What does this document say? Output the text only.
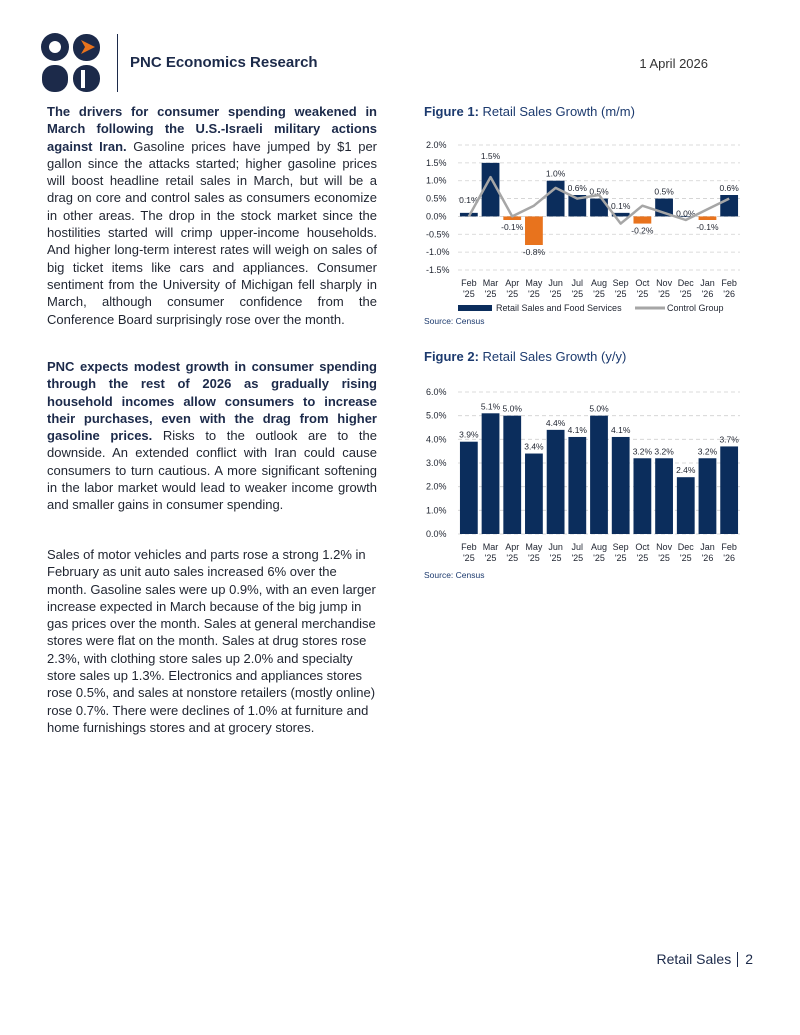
PNC Economics Research	1 April 2026
The drivers for consumer spending weakened in March following the U.S.-Israeli military actions against Iran. Gasoline prices have jumped by $1 per gallon since the attacks started; higher gasoline prices will boost headline retail sales in March, but will be a drag on core and control sales as consumers economize in other areas. The drop in the stock market since the hostilities started will crimp upper-income households. And higher long-term interest rates will weigh on sales of big ticket items like cars and appliances. Consumer sentiment from the University of Michigan fell sharply in March, although consumer confidence from the Conference Board surprisingly rose over the month.
PNC expects modest growth in consumer spending through the rest of 2026 as gradually rising household incomes allow consumers to increase their purchases, even with the drag from higher gasoline prices. Risks to the outlook are to the downside. An extended conflict with Iran could cause consumers to turn cautious. A more significant softening in the labor market would lead to weaker income growth and smaller gains in consumer spending.
Sales of motor vehicles and parts rose a strong 1.2% in February as unit auto sales increased 6% over the month. Gasoline sales were up 0.9%, with an even larger increase expected in March because of the big jump in gas prices over the month. Sales at general merchandise stores were flat on the month. Sales at drug stores rose 2.3%, with clothing store sales up 2.0% and specialty store sales up 1.3%. Electronics and appliances stores rose 0.5%, and sales at nonstore retailers (mostly online) rose 0.7%. There were declines of 1.0% at furniture and home furnishings stores and at grocery stores.
Figure 1: Retail Sales Growth (m/m)
2.0%
1.5%
1.0%
0.5%
0.0%
-0.5%
-1.0%
-1.5%
0.1%
1.5%
-0.1%
-0.8%
1.0%
0.6% 0.5%
0.1%
-0.2%
0.5%
0.0%
-0.1%
0.6%
Feb '25
Mar '25
Apr '25
May '25
Jun '25
Jul '25
Aug '25
Sep '25
Oct '25
Nov '25
Dec '25
Jan '26
Feb '26
Retail Sales and Food Services	Control Group
Source: Census
Figure 2: Retail Sales Growth (y/y)
6.0%
5.0%
4.0%
3.0%
2.0%
1.0%
0.0%
3.9%
5.1% 5.0%
3.4%
4.4%
4.1%
5.0%
4.1%
3.2% 3.2%
2.4%
3.2%
3.7%
Feb '25
Mar '25
Apr '25
May '25
Jun '25
Jul '25
Aug '25
Sep '25
Oct '25
Nov '25
Dec '25
Jan '26
Feb '26
Source: Census
Retail Sales 2
